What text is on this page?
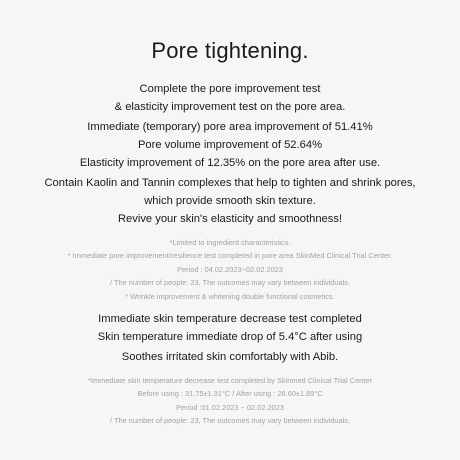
Pore tightening.
Complete the pore improvement test
& elasticity improvement test on the pore area.
Immediate (temporary) pore area improvement of 51.41%
Pore volume improvement of 52.64%
Elasticity improvement of 12.35% on the pore area after use.
Contain Kaolin and Tannin complexes that help to tighten and shrink pores,
which provide smooth skin texture.
Revive your skin's elasticity and smoothness!
*Limited to ingredient characteristics.
* Immediate pore improvement/resilience test completed in pore area SkinMed Clinical Trial Center.
Period : 04.02.2023~02.02.2023
/ The number of people: 23, The outcomes may vary between individuals.
* Wrinkle improvement & whitening double functional cosmetics.
Immediate skin temperature decrease test completed
Skin temperature immediate drop of 5.4°C after using
Soothes irritated skin comfortably with Abib.
*Immediate skin temperature decrease test completed by Skinmed Clinical Trial Center
Before using : 31.75±1.31°C / After using : 26.60±1.89°C
Period :01.02.2023 ~ 02.02.2023
/ The number of people: 23, The outcomes may vary between individuals.
